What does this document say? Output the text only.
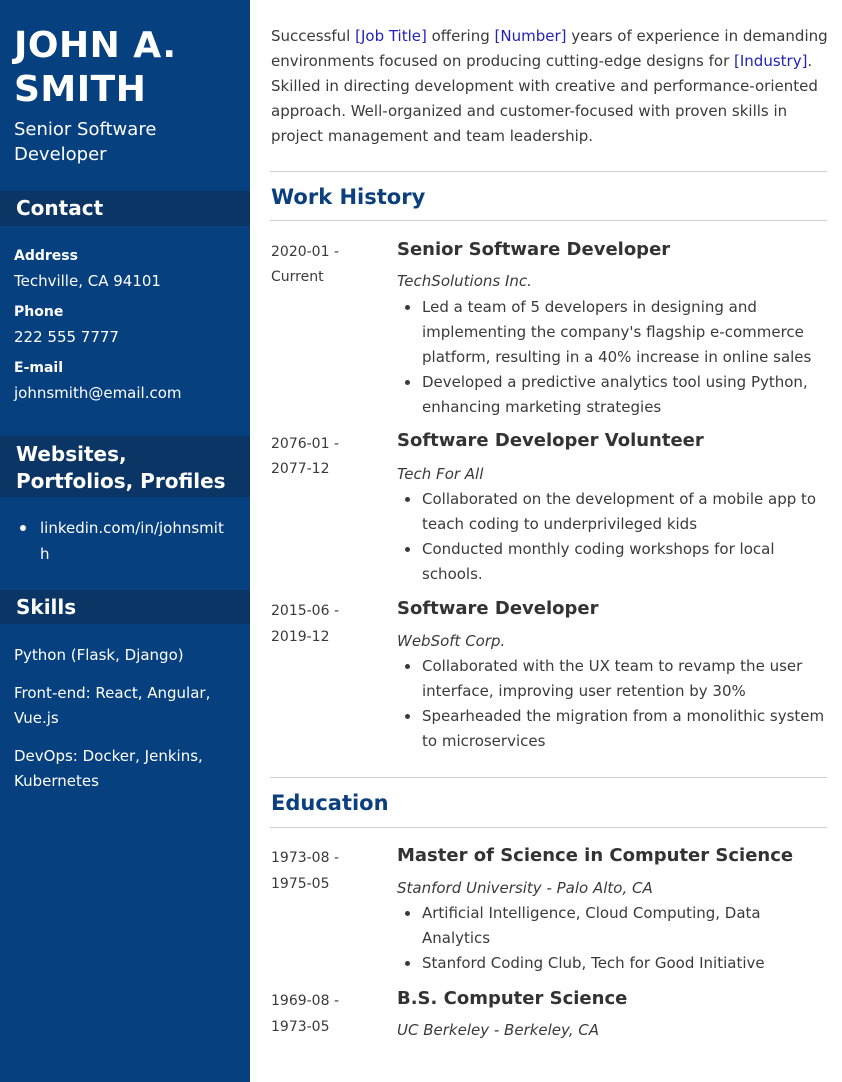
JOHN A. SMITH
Senior Software Developer
Contact
Address
Techville, CA 94101
Phone
222 555 7777
E-mail
johnsmith@email.com
Websites, Portfolios, Profiles
linkedin.com/in/johnsmith
Skills
Python (Flask, Django)
Front-end: React, Angular, Vue.js
DevOps: Docker, Jenkins, Kubernetes
Successful [Job Title] offering [Number] years of experience in demanding environments focused on producing cutting-edge designs for [Industry]. Skilled in directing development with creative and performance-oriented approach. Well-organized and customer-focused with proven skills in project management and team leadership.
Work History
2020-01 -
Current
Senior Software Developer
TechSolutions Inc.
Led a team of 5 developers in designing and implementing the company's flagship e-commerce platform, resulting in a 40% increase in online sales
Developed a predictive analytics tool using Python, enhancing marketing strategies
2076-01 -
2077-12
Software Developer Volunteer
Tech For All
Collaborated on the development of a mobile app to teach coding to underprivileged kids
Conducted monthly coding workshops for local schools.
2015-06 -
2019-12
Software Developer
WebSoft Corp.
Collaborated with the UX team to revamp the user interface, improving user retention by 30%
Spearheaded the migration from a monolithic system to microservices
Education
1973-08 -
1975-05
Master of Science in Computer Science
Stanford University - Palo Alto, CA
Artificial Intelligence, Cloud Computing, Data Analytics
Stanford Coding Club, Tech for Good Initiative
1969-08 -
1973-05
B.S. Computer Science
UC Berkeley - Berkeley, CA
